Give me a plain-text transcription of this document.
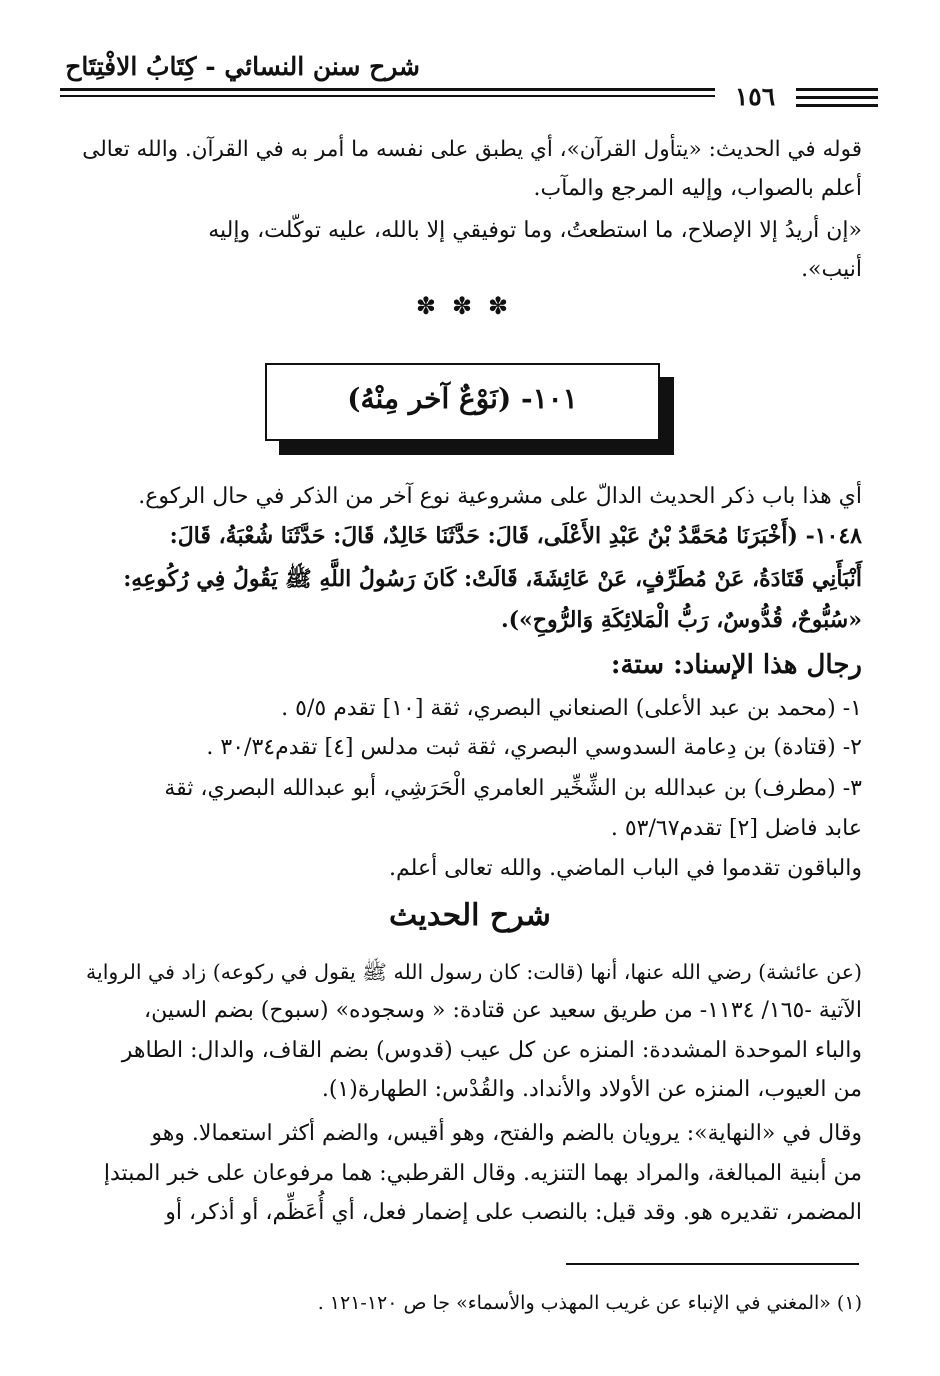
شرح سنن النسائي - كِتَابُ الافْتِتَاح
١٥٦
قوله في الحديث: «يتأول القرآن»، أي يطبق على نفسه ما أمر به في القرآن. والله تعالى
أعلم بالصواب، وإليه المرجع والمآب.
«إن أريدُ إلا الإصلاح، ما استطعتُ، وما توفيقي إلا بالله، عليه توكّلت، وإليه
أنيب».
✽✽✽
١٠١- (نَوْعٌ آخر مِنْهُ)
أي هذا باب ذكر الحديث الدالّ على مشروعية نوع آخر من الذكر في حال الركوع.
١٠٤٨- (أَخْبَرَنَا مُحَمَّدُ بْنُ عَبْدِ الأَعْلَى، قَالَ: حَدَّثَنَا خَالِدٌ، قَالَ: حَدَّثَنَا شُعْبَةُ، قَالَ:
أَنْبَأَنِي قَتَادَةُ، عَنْ مُطَرِّفٍ، عَنْ عَائِشَةَ، قَالَتْ: كَانَ رَسُولُ اللَّهِ ﷺ يَقُولُ فِي رُكُوعِهِ:
«سُبُّوحٌ، قُدُّوسٌ، رَبُّ الْمَلائِكَةِ وَالرُّوحِ»).
رجال هذا الإسناد: ستة:
١- (محمد بن عبد الأعلى) الصنعاني البصري، ثقة [١٠] تقدم ٥/٥ .
٢- (قتادة) بن دِعامة السدوسي البصري، ثقة ثبت مدلس [٤] تقدم٣٠/٣٤ .
٣- (مطرف) بن عبدالله بن الشِّخِّير العامري الْحَرَشِي، أبو عبدالله البصري، ثقة
عابد فاضل [٢] تقدم٥٣/٦٧ .
والباقون تقدموا في الباب الماضي. والله تعالى أعلم.
شرح الحديث
(عن عائشة) رضي الله عنها، أنها (قالت: كان رسول الله ﷺ يقول في ركوعه) زاد في الرواية
الآتية -١٦٥/ ١١٣٤- من طريق سعيد عن قتادة: « وسجوده» (سبوح) بضم السين،
والباء الموحدة المشددة: المنزه عن كل عيب (قدوس) بضم القاف، والدال: الطاهر
من العيوب، المنزه عن الأولاد والأنداد. والقُدْس: الطهارة(١).
وقال في «النهاية»: يرويان بالضم والفتح، وهو أقيس، والضم أكثر استعمالا. وهو
من أبنية المبالغة، والمراد بهما التنزيه. وقال القرطبي: هما مرفوعان على خبر المبتدإ
المضمر، تقديره هو. وقد قيل: بالنصب على إضمار فعل، أي أُعَظِّم، أو أذكر، أو
(١) «المغني في الإنباء عن غريب المهذب والأسماء» جا ص ١٢٠-١٢١ .
